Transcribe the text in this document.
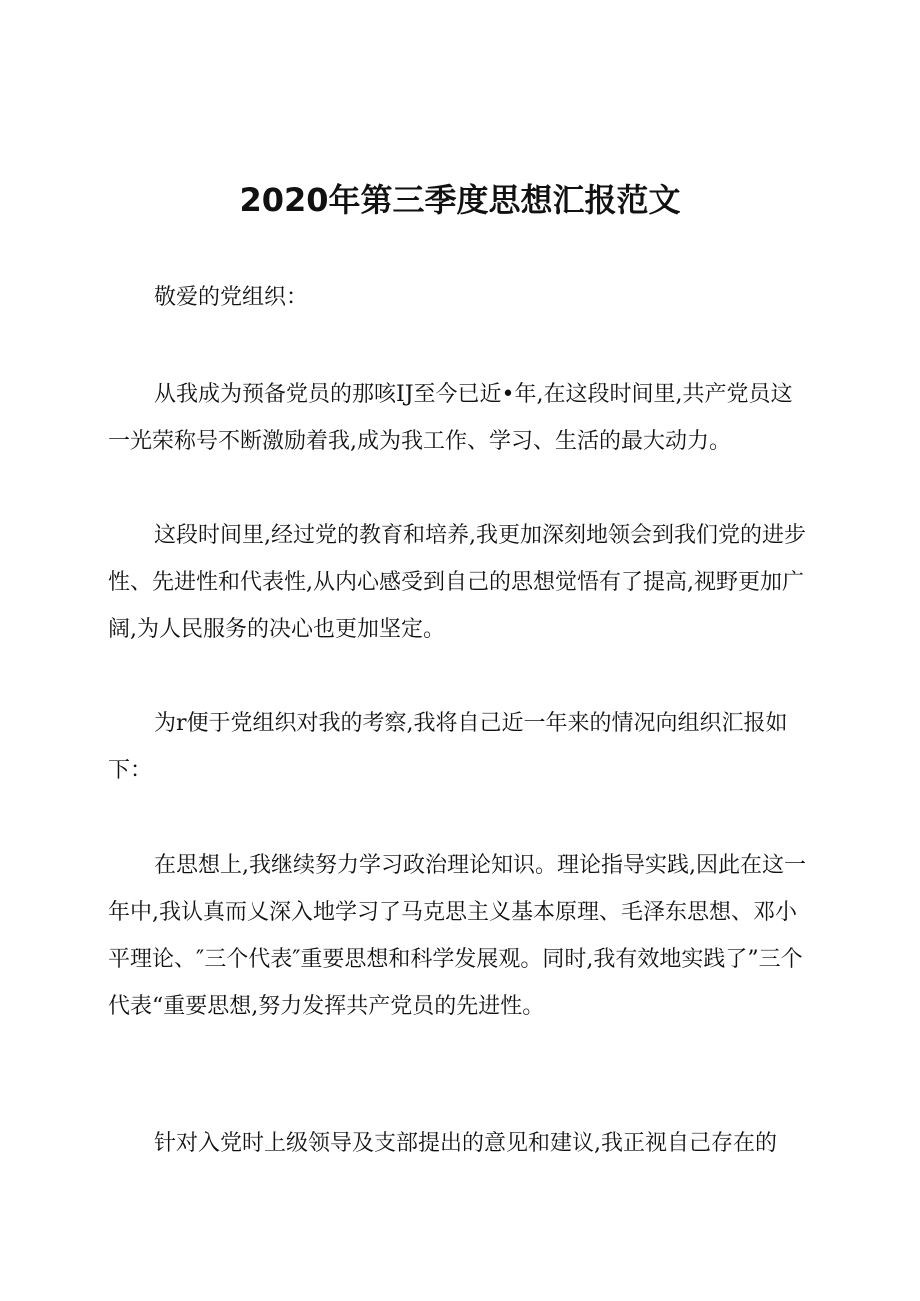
2020年第三季度思想汇报范文

敬爱的党组织：

从我成为预备党员的那咳IJ至今已近•年,在这段时间里,共产党员这一光荣称号不断激励着我,成为我工作、学习、生活的最大动力。

这段时间里,经过党的教育和培养,我更加深刻地领会到我们党的进步性、先进性和代表性,从内心感受到自己的思想觉悟有了提高,视野更加广阔,为人民服务的决心也更加坚定。

为r便于党组织对我的考察,我将自己近一年来的情况向组织汇报如下：

在思想上,我继续努力学习政治理论知识。理论指导实践,因此在这一年中,我认真而乂深入地学习了马克思主义基本原理、毛泽东思想、邓小平理论、″三个代表″重要思想和科学发展观。同时,我有效地实践了”三个代表“重要思想,努力发挥共产党员的先进性。

针对入党时上级领导及支部提出的意见和建议,我正视自己存在的
